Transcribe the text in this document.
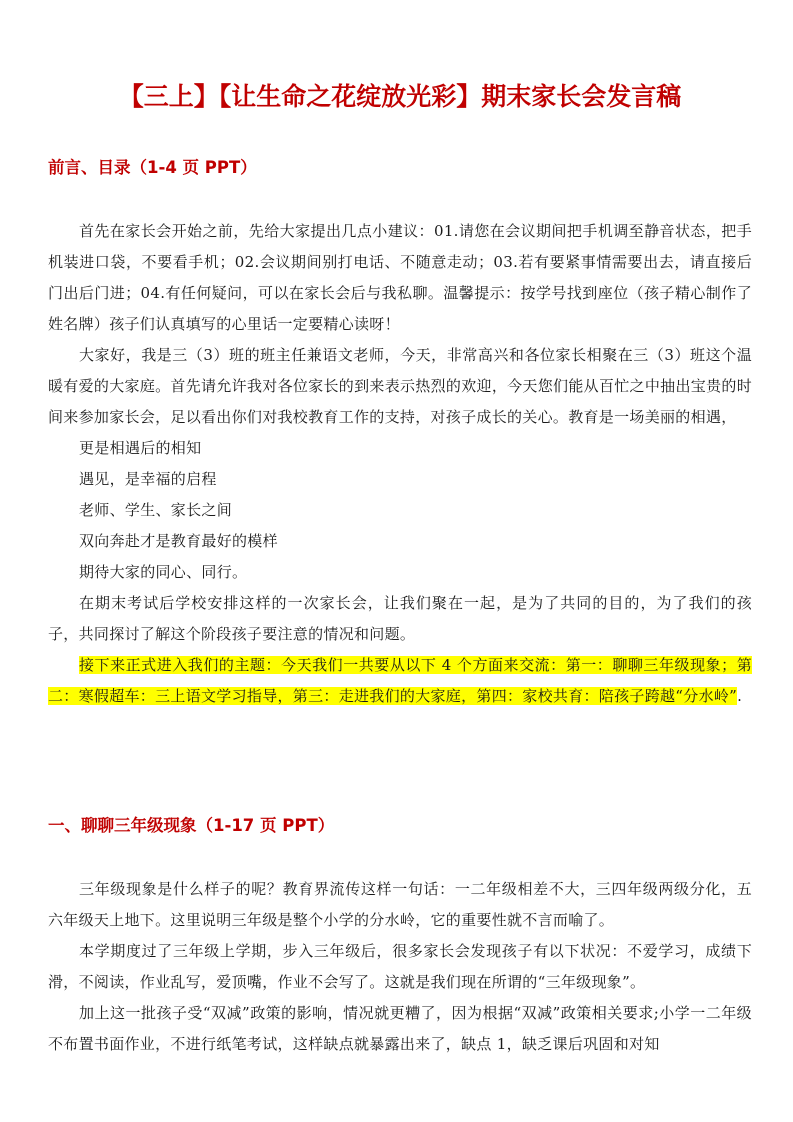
【三上】【让生命之花绽放光彩】期末家长会发言稿
前言、目录（1-4 页 PPT）

首先在家长会开始之前，先给大家提出几点小建议：01.请您在会议期间把手机调至静音状态，把手机装进口袋，不要看手机；02.会议期间别打电话、不随意走动；03.若有要紧事情需要出去，请直接后门出后门进；04.有任何疑问，可以在家长会后与我私聊。温馨提示：按学号找到座位（孩子精心制作了姓名牌）孩子们认真填写的心里话一定要精心读呀！

大家好，我是三（3）班的班主任兼语文老师，今天，非常高兴和各位家长相聚在三（3）班这个温暖有爱的大家庭。首先请允许我对各位家长的到来表示热烈的欢迎，今天您们能从百忙之中抽出宝贵的时间来参加家长会，足以看出你们对我校教育工作的支持，对孩子成长的关心。教育是一场美丽的相遇，

更是相遇后的相知

遇见，是幸福的启程

老师、学生、家长之间

双向奔赴才是教育最好的模样

期待大家的同心、同行。

在期末考试后学校安排这样的一次家长会，让我们聚在一起，是为了共同的目的，为了我们的孩子，共同探讨了解这个阶段孩子要注意的情况和问题。

接下来正式进入我们的主题：今天我们一共要从以下 4 个方面来交流：第一：聊聊三年级现象；第二：寒假超车：三上语文学习指导，第三：走进我们的大家庭，第四：家校共育：陪孩子跨越“分水岭”.

一、聊聊三年级现象（1-17 页 PPT）

三年级现象是什么样子的呢？教育界流传这样一句话：一二年级相差不大，三四年级两级分化，五六年级天上地下。这里说明三年级是整个小学的分水岭，它的重要性就不言而喻了。

本学期度过了三年级上学期，步入三年级后，很多家长会发现孩子有以下状况：不爱学习，成绩下滑，不阅读，作业乱写，爱顶嘴，作业不会写了。这就是我们现在所谓的“三年级现象”。

加上这一批孩子受“双减”政策的影响，情况就更糟了，因为根据“双减”政策相关要求;小学一二年级不布置书面作业，不进行纸笔考试，这样缺点就暴露出来了，缺点 1，缺乏课后巩固和对知
